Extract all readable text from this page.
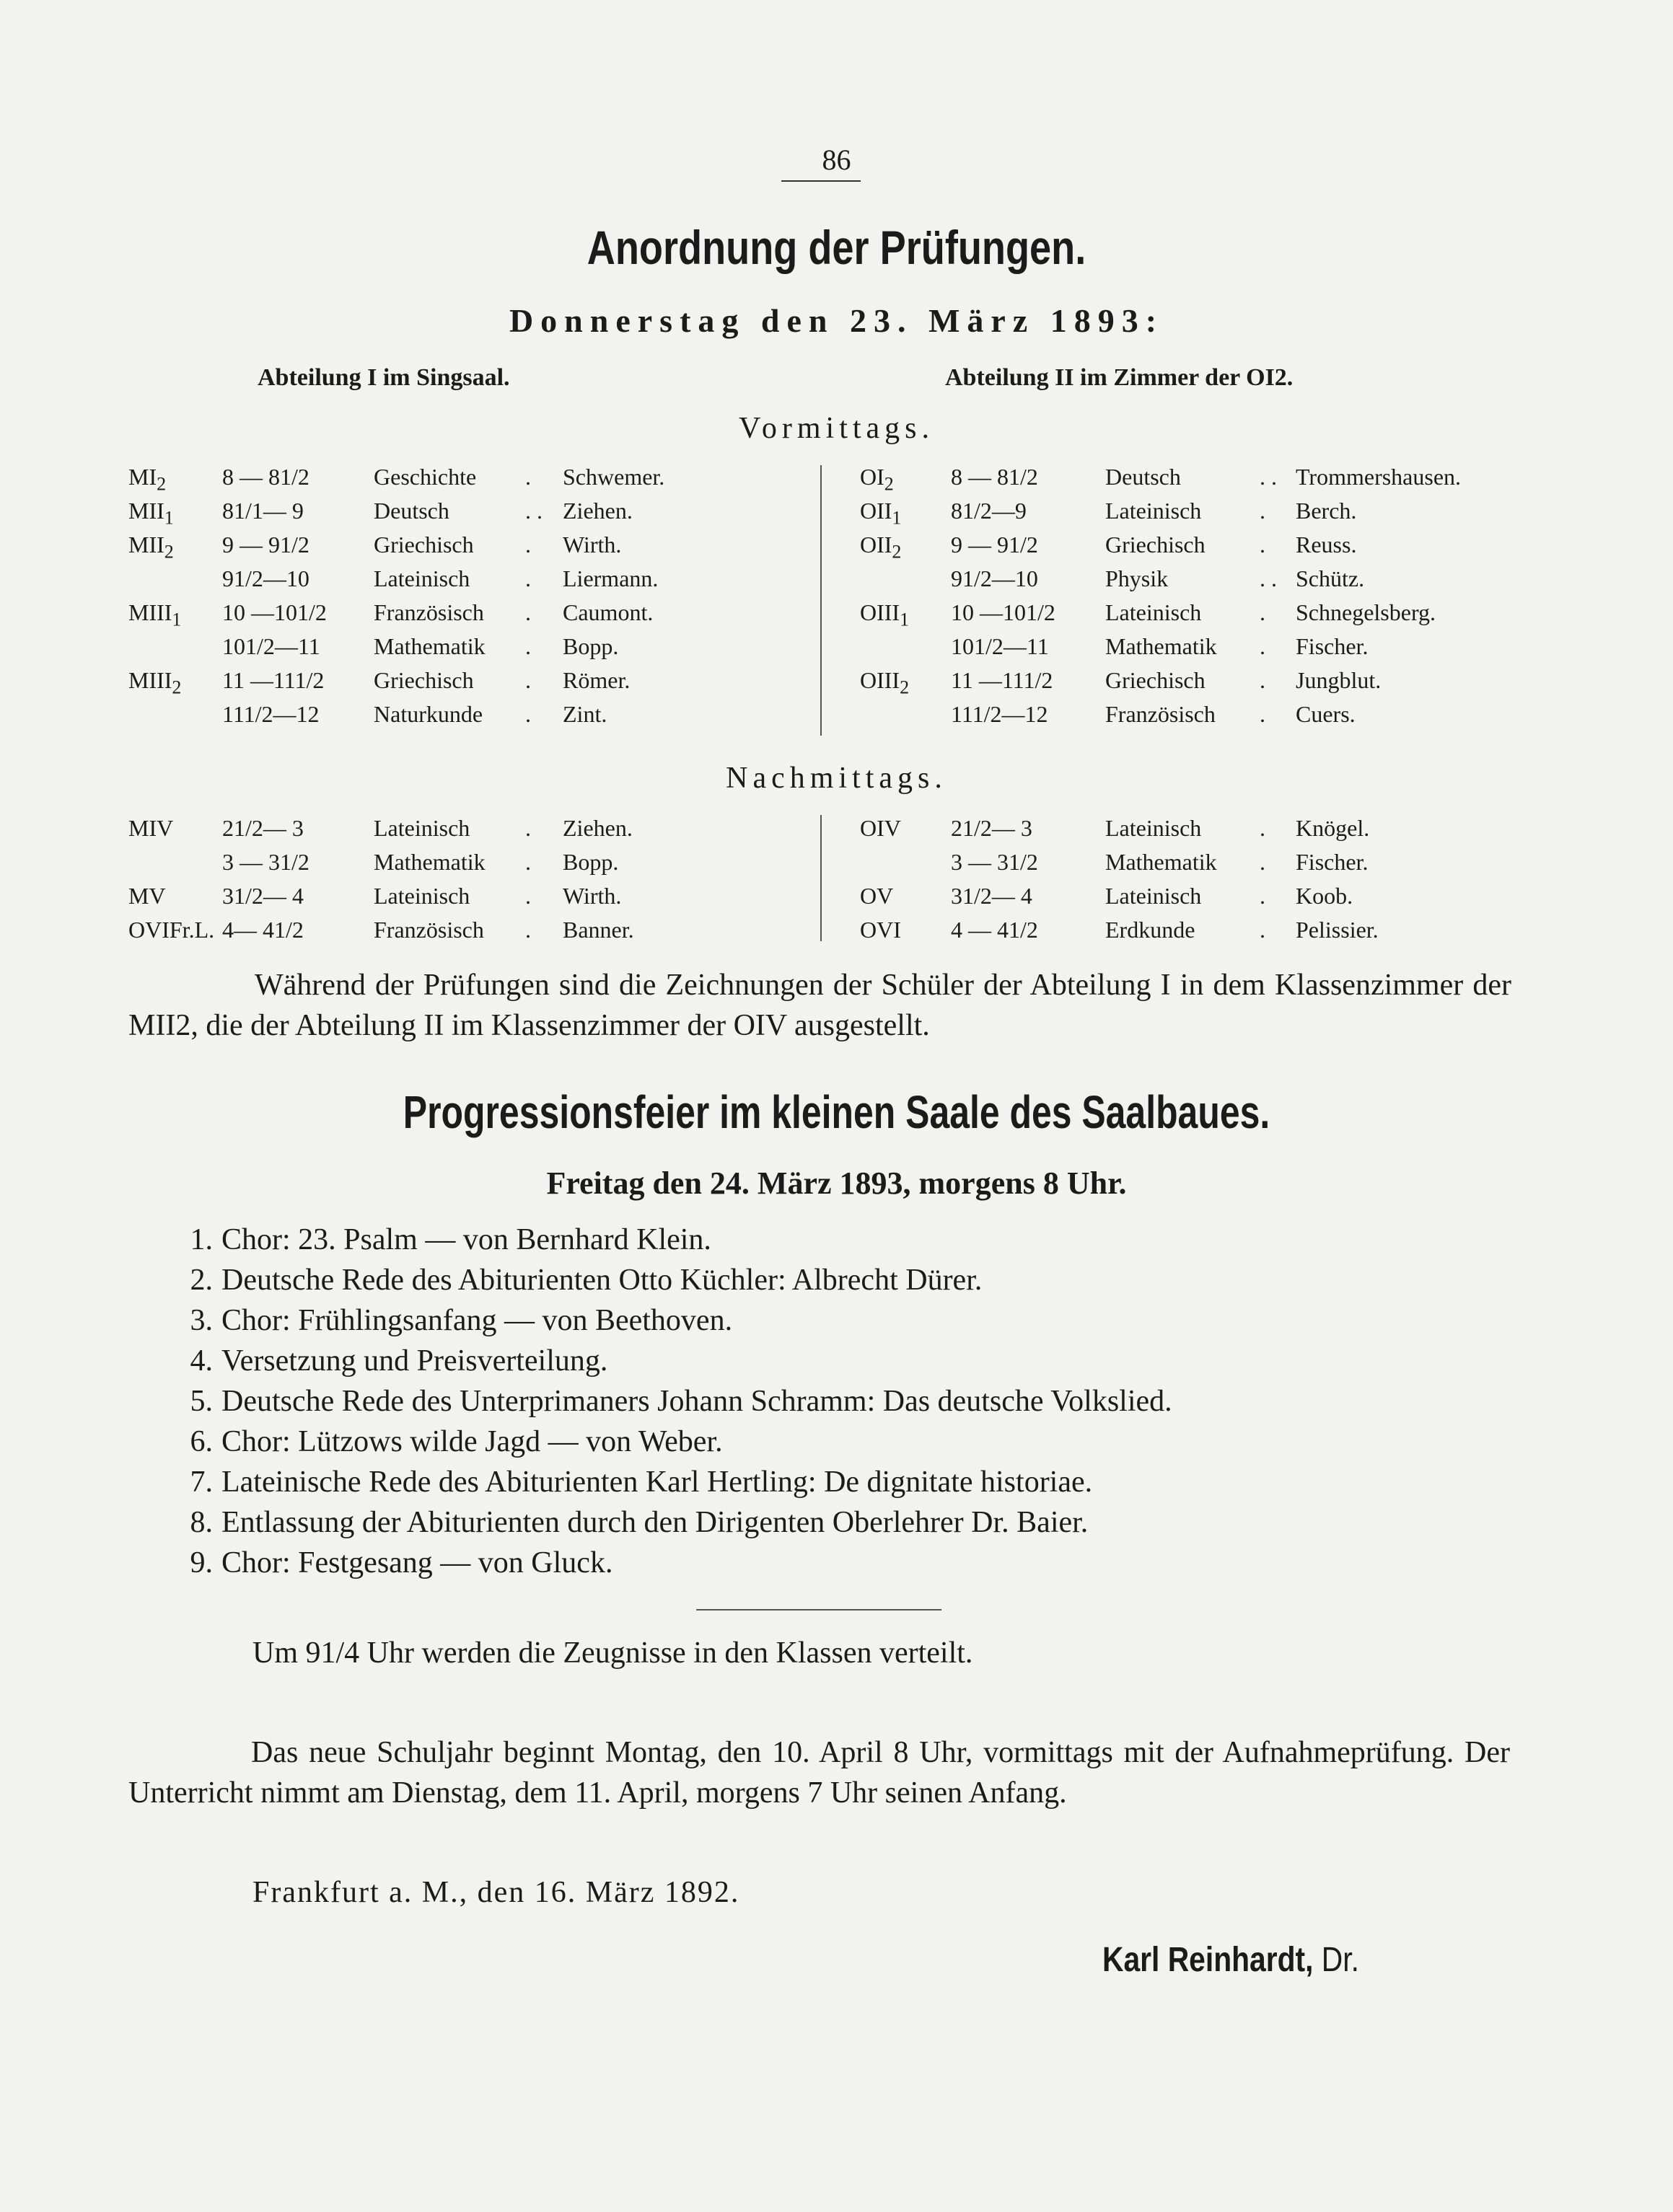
86
Anordnung der Prüfungen.
Donnerstag den 23. März 1893:
Abteilung I im Singsaal.	Abteilung II im Zimmer der OI2.
Vormittags.
$MI_2$ 8 — 81/2	Geschichte . Schwemer.
$MII_1$ 81/1— 9	Deutsch	. . Ziehen.
$MII_2$ 9 — 91/2	Griechisch . Wirth.
91/2—10	Lateinisch . Liermann.
$MIII_1$ 10 —101/2 Französisch . Caumont.
101/2—11 Mathematik . Bopp.
$MIII_2$ 11 —111/2 Griechisch . Römer.
111/2—12 Naturkunde . Zint.
$OI_2$ 8 — 81/2	Deutsch	. . Trommershausen.
$OII_1$ 81/2—9	Lateinisch	. Berch.
$OII_2$ 9 — 91/2	Griechisch . Reuss.
91/2—10	Physik	. . Schütz.
$OIII_1$ 10 —101/2 Lateinisch	. Schnegelsberg.
101/2—11 Mathematik . Fischer.
$OIII_2$ 11 —111/2 Griechisch . Jungblut.
111/2—12 Französisch . Cuers.
Nachmittags.
MIV 21/2— 3	Lateinisch . Ziehen.
3 — 31/2	Mathematik . Bopp.
MV 31/2— 4	Lateinisch . Wirth.
OVIFr.L. 4— 41/2	Französisch . Banner.
OIV 21/2— 3	Lateinisch	. Knögel.
3 — 31/2	Mathematik . Fischer.
OV 31/2— 4	Lateinisch	. Koob.
OVI 4 — 41/2	Erdkunde	. Pelissier.
Während der Prüfungen sind die Zeichnungen der Schüler der Abteilung I in dem Klassenzimmer der MII2, die der Abteilung II im Klassenzimmer der OIV ausgestellt.
Progressionsfeier im kleinen Saale des Saalbaues.
Freitag den 24. März 1893, morgens 8 Uhr.
1. Chor: 23. Psalm — von Bernhard Klein.
2. Deutsche Rede des Abiturienten Otto Küchler: Albrecht Dürer.
3. Chor: Frühlingsanfang — von Beethoven.
4. Versetzung und Preisverteilung.
5. Deutsche Rede des Unterprimaners Johann Schramm: Das deutsche Volkslied.
6. Chor: Lützows wilde Jagd — von Weber.
7. Lateinische Rede des Abiturienten Karl Hertling: De dignitate historiae.
8. Entlassung der Abiturienten durch den Dirigenten Oberlehrer Dr. Baier.
9. Chor: Festgesang — von Gluck.
Um 91/4 Uhr werden die Zeugnisse in den Klassen verteilt.
Das neue Schuljahr beginnt Montag, den 10. April 8 Uhr, vormittags mit der Aufnahmeprüfung. Der Unterricht nimmt am Dienstag, dem 11. April, morgens 7 Uhr seinen Anfang.
Frankfurt a. M., den 16. März 1892.
Karl Reinhardt, Dr.
